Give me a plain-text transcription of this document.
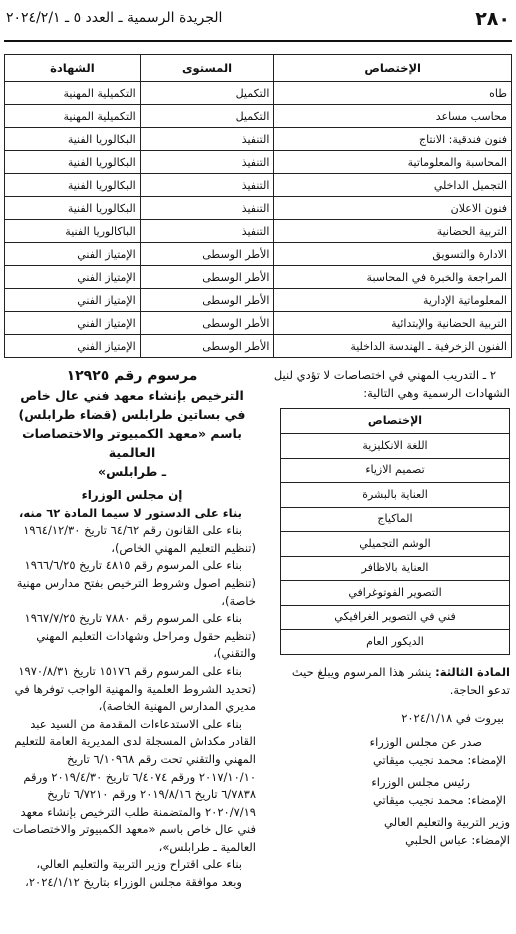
٢٨٠
الجريدة الرسمية ـ العدد ٥ ـ ٢٠٢٤/٢/١
الإختصاص	المستوى	الشهادة
طاه	التكميل	التكميلية المهنية
محاسب مساعد	التكميل	التكميلية المهنية
فنون فندقية: الانتاج	التنفيذ	البكالوريا الفنية
المحاسبة والمعلوماتية	التنفيذ	البكالوريا الفنية
التجميل الداخلي	التنفيذ	البكالوريا الفنية
فنون الاعلان	التنفيذ	البكالوريا الفنية
التربية الحضانية	التنفيذ	الباكالوريا الفنية
الادارة والتسويق	الأطر الوسطى	الإمتياز الفني
المراجعة والخبرة في المحاسبة	الأطر الوسطى	الإمتياز الفني
المعلوماتية الإدارية	الأطر الوسطى	الإمتياز الفني
التربية الحضانية والإبتدائية	الأطر الوسطى	الإمتياز الفني
الفنون الزخرفية ـ الهندسة الداخلية	الأطر الوسطى	الإمتياز الفني

٢ ـ التدريب المهني في اختصاصات لا تؤدي لنيل الشهادات الرسمية وهي التالية:

الإختصاص
اللغة الانكليزية
تصميم الازياء
العناية بالبشرة
الماكياج
الوشم التجميلي
العناية بالاظافر
التصوير الفوتوغرافي
فني في التصوير الغرافيكي
الديكور العام

المادة الثالثة: ينشر هذا المرسوم ويبلغ حيث تدعو الحاجة.

بيروت في ٢٠٢٤/١/١٨

صدر عن مجلس الوزراء

الإمضاء: محمد نجيب ميقاتي

رئيس مجلس الوزراء

الإمضاء: محمد نجيب ميقاتي

وزير التربية والتعليم العالي

الإمضاء: عباس الحلبي

مرسوم رقم ١٢٩٢٥

الترخيص بإنشاء معهد فني عال خاص

في بساتين طرابلس (قضاء طرابلس)

باسم «معهد الكمبيوتر والاختصاصات العالمية

ـ طرابلس»

إن مجلس الوزراء

بناء على الدستور لا سيما المادة ٦٢ منه،

بناء على القانون رقم ٦٤/٦٢ تاريخ ١٩٦٤/١٢/٣٠ (تنظيم التعليم المهني الخاص)،

بناء على المرسوم رقم ٤٨١٥ تاريخ ١٩٦٦/٦/٢٥ (تنظيم اصول وشروط الترخيص بفتح مدارس مهنية خاصة)،

بناء على المرسوم رقم ٧٨٨٠ تاريخ ١٩٦٧/٧/٢٥ (تنظيم حقول ومراحل وشهادات التعليم المهني والتقني)،

بناء على المرسوم رقم ١٥١٧٦ تاريخ ١٩٧٠/٨/٣١ (تحديد الشروط العلمية والمهنية الواجب توفرها في مديري المدارس المهنية الخاصة)،

بناء على الاستدعاءات المقدمة من السيد عبد القادر مكداش المسجلة لدى المديرية العامة للتعليم المهني والتقني تحت رقم ٦/١٠٩٦٨ تاريخ ٢٠١٧/١٠/١٠ ورقم ٦/٤٠٧٤ تاريخ ٢٠١٩/٤/٣٠ ورقم ٦/٧٨٣٨ تاريخ ٢٠١٩/٨/١٦ ورقم ٦/٧٢١٠ تاريخ ٢٠٢٠/٧/١٩ والمتضمنة طلب الترخيص بإنشاء معهد فني عال خاص باسم «معهد الكمبيوتر والاختصاصات العالمية ـ طرابلس»،

بناء على اقتراح وزير التربية والتعليم العالي،

وبعد موافقة مجلس الوزراء بتاريخ ٢٠٢٤/١/١٢،
